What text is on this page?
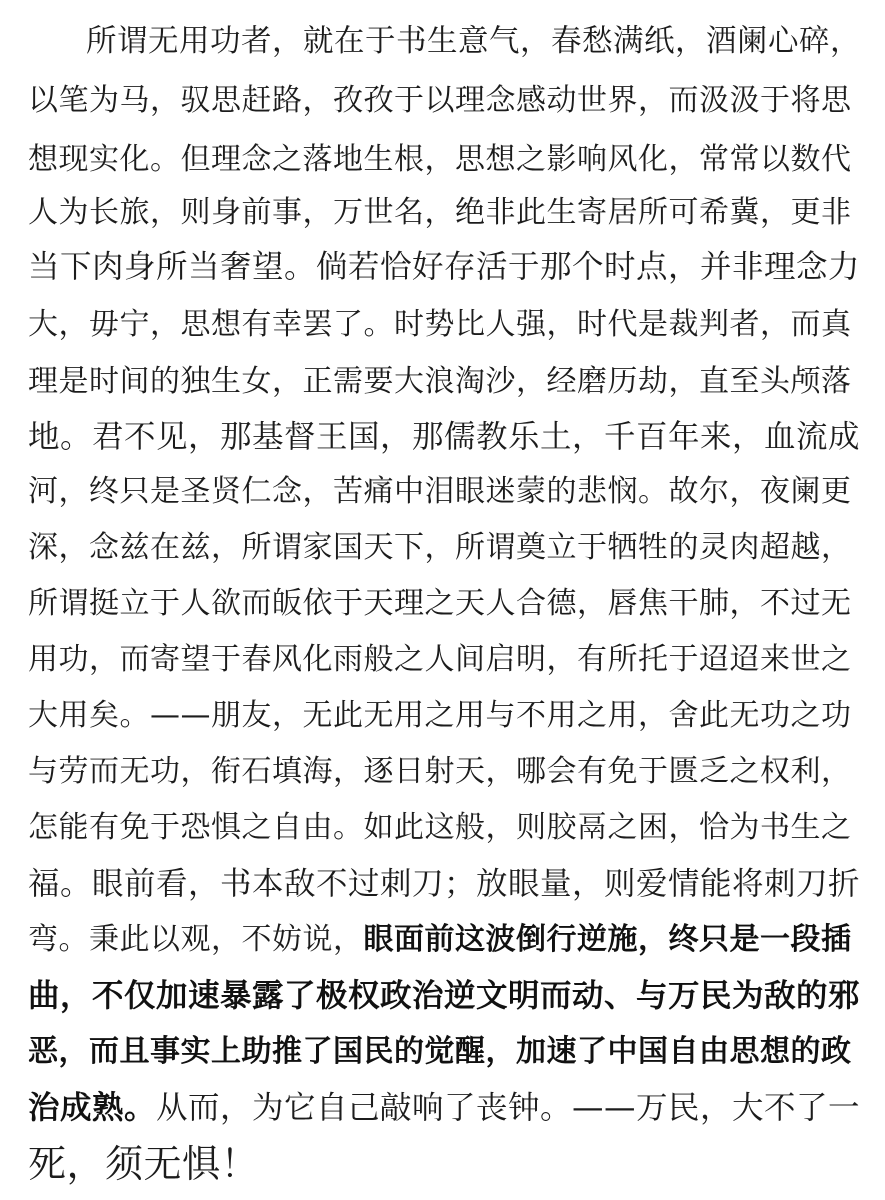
所谓无用功者，就在于书生意气，春愁满纸，酒阑心碎，
以笔为马，驭思赶路，孜孜于以理念感动世界，而汲汲于将思
想现实化。但理念之落地生根，思想之影响风化，常常以数代
人为长旅，则身前事，万世名，绝非此生寄居所可希冀，更非
当下肉身所当奢望。倘若恰好存活于那个时点，并非理念力
大，毋宁，思想有幸罢了。时势比人强，时代是裁判者，而真
理是时间的独生女，正需要大浪淘沙，经磨历劫，直至头颅落
地。君不见，那基督王国，那儒教乐土，千百年来，血流成
河，终只是圣贤仁念，苦痛中泪眼迷蒙的悲悯。故尔，夜阑更
深，念兹在兹，所谓家国天下，所谓奠立于牺牲的灵肉超越，
所谓挺立于人欲而皈依于天理之天人合德，唇焦干肺，不过无
用功，而寄望于春风化雨般之人间启明，有所托于迢迢来世之
大用矣。——朋友，无此无用之用与不用之用，舍此无功之功
与劳而无功，衔石填海，逐日射天，哪会有免于匮乏之权利，
怎能有免于恐惧之自由。如此这般，则胶鬲之困，恰为书生之
福。眼前看，书本敌不过刺刀；放眼量，则爱情能将刺刀折
弯。秉此以观，不妨说，眼面前这波倒行逆施，终只是一段插
曲，不仅加速暴露了极权政治逆文明而动、与万民为敌的邪
恶，而且事实上助推了国民的觉醒，加速了中国自由思想的政
治成熟。从而，为它自己敲响了丧钟。——万民，大不了一
死，须无惧！
